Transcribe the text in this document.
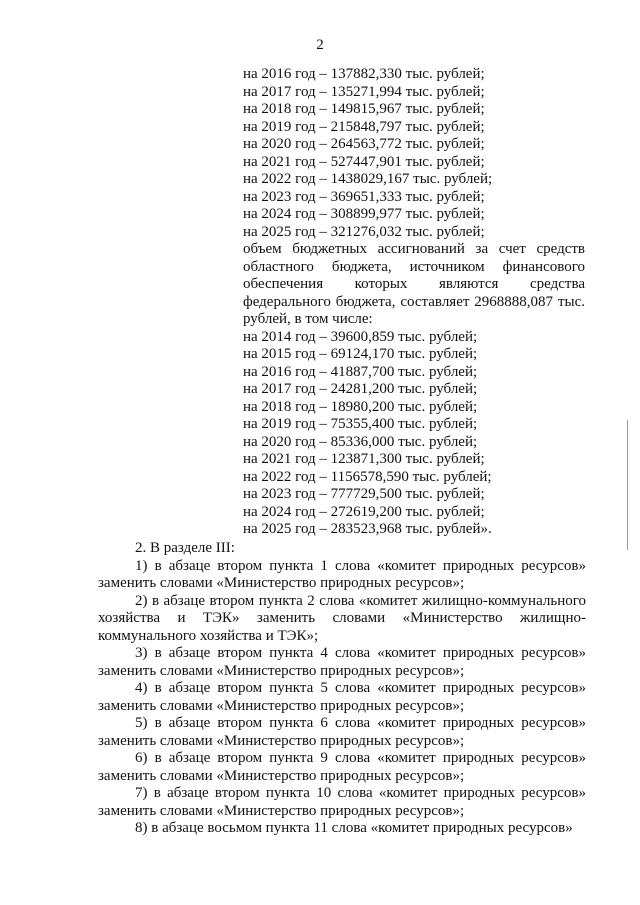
2
на 2016 год – 137882,330 тыс. рублей;
на 2017 год – 135271,994 тыс. рублей;
на 2018 год – 149815,967 тыс. рублей;
на 2019 год – 215848,797 тыс. рублей;
на 2020 год – 264563,772 тыс. рублей;
на 2021 год – 527447,901 тыс. рублей;
на 2022 год – 1438029,167 тыс. рублей;
на 2023 год – 369651,333 тыс. рублей;
на 2024 год – 308899,977 тыс. рублей;
на 2025 год – 321276,032 тыс. рублей;
объем бюджетных ассигнований за счет средств областного бюджета, источником финансового обеспечения которых являются средства федерального бюджета, составляет 2968888,087 тыс. рублей, в том числе:
на 2014 год – 39600,859 тыс. рублей;
на 2015 год – 69124,170 тыс. рублей;
на 2016 год – 41887,700 тыс. рублей;
на 2017 год – 24281,200 тыс. рублей;
на 2018 год – 18980,200 тыс. рублей;
на 2019 год – 75355,400 тыс. рублей;
на 2020 год – 85336,000 тыс. рублей;
на 2021 год – 123871,300 тыс. рублей;
на 2022 год – 1156578,590 тыс. рублей;
на 2023 год – 777729,500 тыс. рублей;
на 2024 год – 272619,200 тыс. рублей;
на 2025 год – 283523,968 тыс. рублей».
2. В разделе III:
1) в абзаце втором пункта 1 слова «комитет природных ресурсов» заменить словами «Министерство природных ресурсов»;
2) в абзаце втором пункта 2 слова «комитет жилищно-коммунального хозяйства и ТЭК» заменить словами «Министерство жилищно-коммунального хозяйства и ТЭК»;
3) в абзаце втором пункта 4 слова «комитет природных ресурсов» заменить словами «Министерство природных ресурсов»;
4) в абзаце втором пункта 5 слова «комитет природных ресурсов» заменить словами «Министерство природных ресурсов»;
5) в абзаце втором пункта 6 слова «комитет природных ресурсов» заменить словами «Министерство природных ресурсов»;
6) в абзаце втором пункта 9 слова «комитет природных ресурсов» заменить словами «Министерство природных ресурсов»;
7) в абзаце втором пункта 10 слова «комитет природных ресурсов» заменить словами «Министерство природных ресурсов»;
8) в абзаце восьмом пункта 11 слова «комитет природных ресурсов»
